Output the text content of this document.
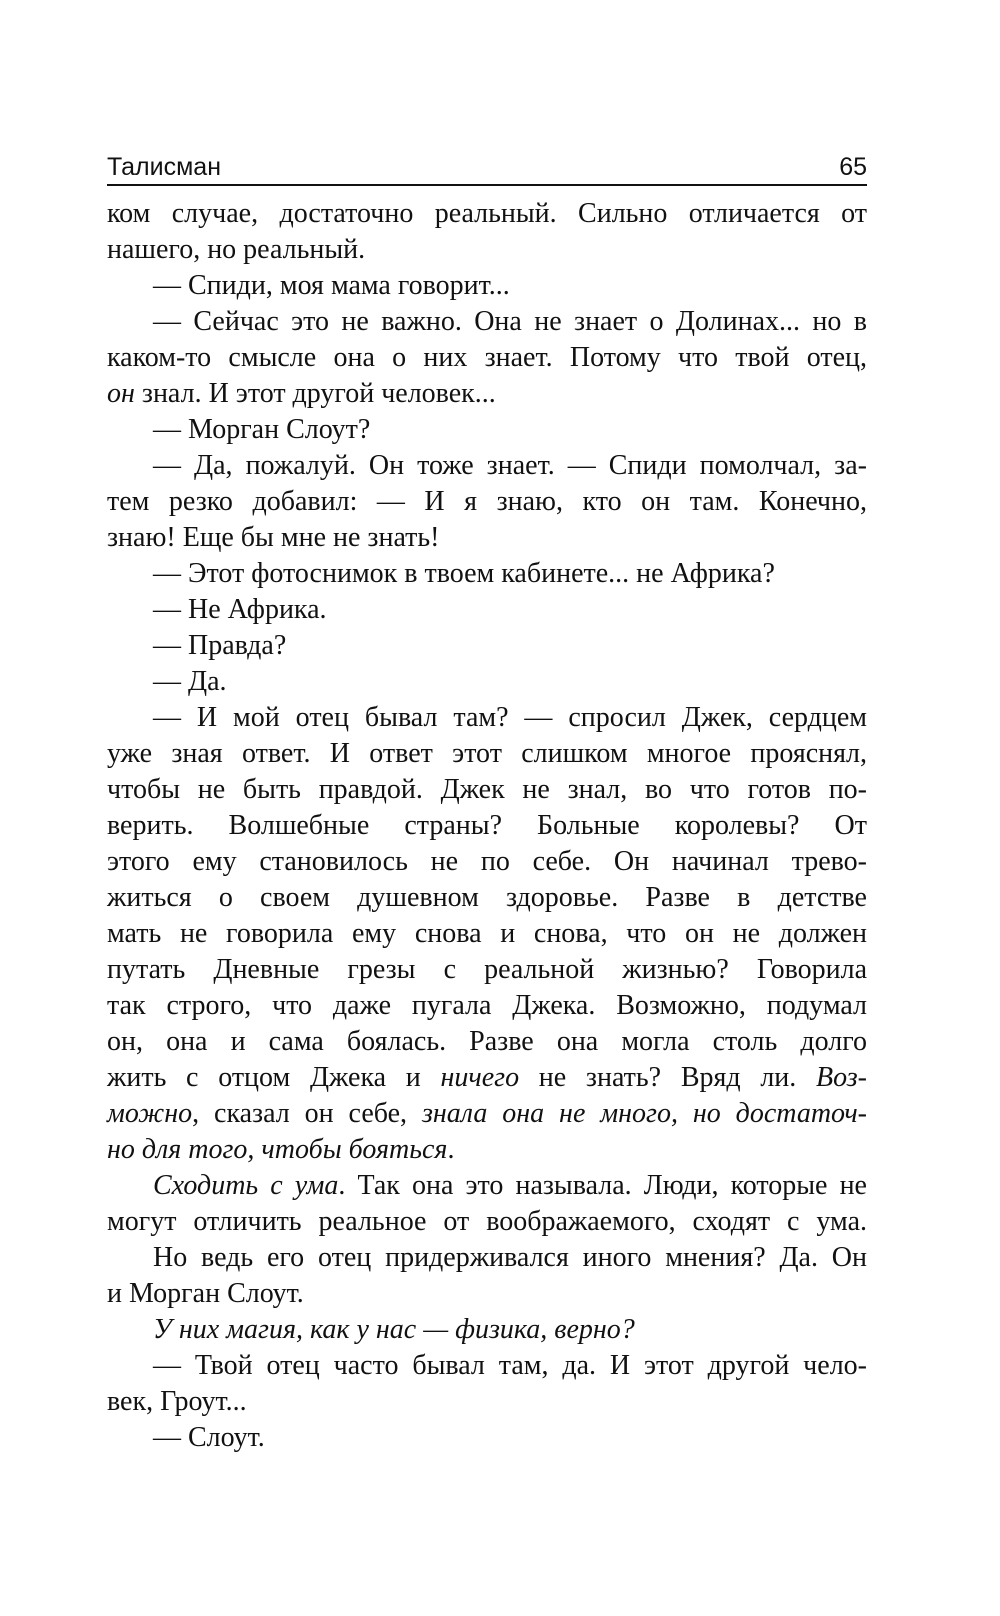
Талисман	65
ком случае, достаточно реальный. Сильно отличается от
нашего, но реальный.
— Спиди, моя мама говорит...
— Сейчас это не важно. Она не знает о Долинах... но в
каком-то смысле она о них знает. Потому что твой отец,
он знал. И этот другой человек...
— Морган Слоут?
— Да, пожалуй. Он тоже знает. — Спиди помолчал, за-
тем резко добавил: — И я знаю, кто он там. Конечно,
знаю! Еще бы мне не знать!
— Этот фотоснимок в твоем кабинете... не Африка?
— Не Африка.
— Правда?
— Да.
— И мой отец бывал там? — спросил Джек, сердцем
уже зная ответ. И ответ этот слишком многое прояснял,
чтобы не быть правдой. Джек не знал, во что готов по-
верить. Волшебные страны? Больные королевы? От
этого ему становилось не по себе. Он начинал трево-
житься о своем душевном здоровье. Разве в детстве
мать не говорила ему снова и снова, что он не должен
путать Дневные грезы с реальной жизнью? Говорила
так строго, что даже пугала Джека. Возможно, подумал
он, она и сама боялась. Разве она могла столь долго
жить с отцом Джека и ничего не знать? Вряд ли. Воз-
можно, сказал он себе, знала она не много, но достаточ-
но для того, чтобы бояться.
Сходить с ума. Так она это называла. Люди, которые не
могут отличить реальное от воображаемого, сходят с ума.
Но ведь его отец придерживался иного мнения? Да. Он
и Морган Слоут.
У них магия, как у нас — физика, верно?
— Твой отец часто бывал там, да. И этот другой чело-
век, Гроут...
— Слоут.
